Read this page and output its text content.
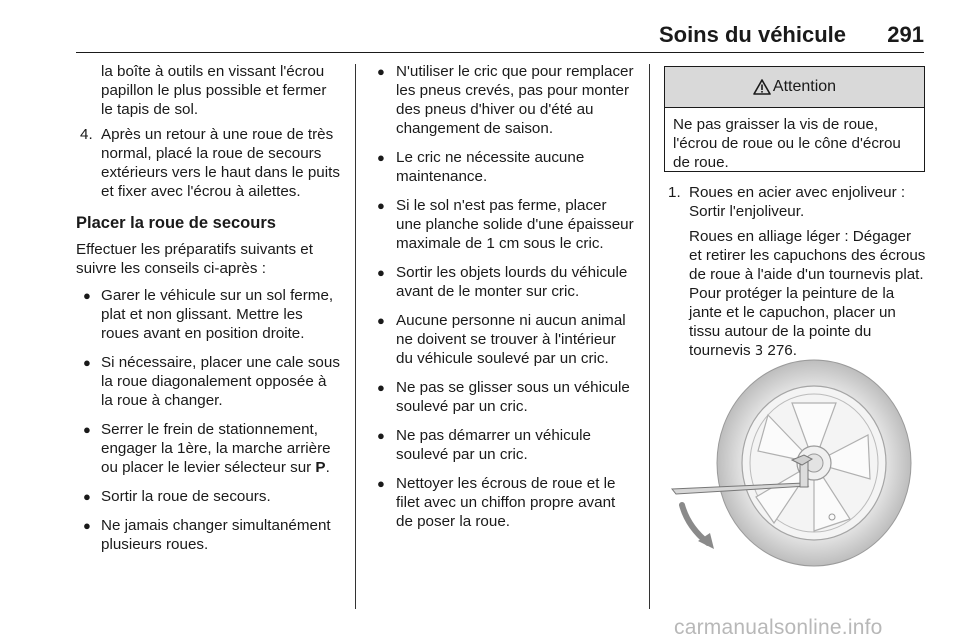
Soins du véhicule 291

la boîte à outils en vissant l'écrou papillon le plus possible et fermer le tapis de sol.

4. Après un retour à une roue de très normal, placé la roue de secours extérieurs vers le haut dans le puits et fixer avec l'écrou à ailettes.
Placer la roue de secours

Effectuer les préparatifs suivants et suivre les conseils ci-après :

● Garer le véhicule sur un sol ferme, plat et non glissant. Mettre les roues avant en position droite.
● Si nécessaire, placer une cale sous la roue diagonalement opposée à la roue à changer.
● Serrer le frein de stationnement, engager la 1ère, la marche arrière ou placer le levier sélecteur sur P.
● Sortir la roue de secours.
● Ne jamais changer simultanément plusieurs roues.
● N'utiliser le cric que pour remplacer les pneus crevés, pas pour monter des pneus d'hiver ou d'été au changement de saison.
● Le cric ne nécessite aucune maintenance.
● Si le sol n'est pas ferme, placer une planche solide d'une épaisseur maximale de 1 cm sous le cric.
● Sortir les objets lourds du véhicule avant de le monter sur cric.
● Aucune personne ni aucun animal ne doivent se trouver à l'intérieur du véhicule soulevé par un cric.
● Ne pas se glisser sous un véhicule soulevé par un cric.
● Ne pas démarrer un véhicule soulevé par un cric.
● Nettoyer les écrous de roue et le filet avec un chiffon propre avant de poser la roue.
Attention
Ne pas graisser la vis de roue, l'écrou de roue ou le cône d'écrou de roue.
1. Roues en acier avec enjoliveur : Sortir l'enjoliveur.

Roues en alliage léger : Dégager et retirer les capuchons des écrous de roue à l'aide d'un tournevis plat. Pour protéger la peinture de la jante et le capuchon, placer un tissu autour de la pointe du tournevis 3 276.

carmanualsonline.info
